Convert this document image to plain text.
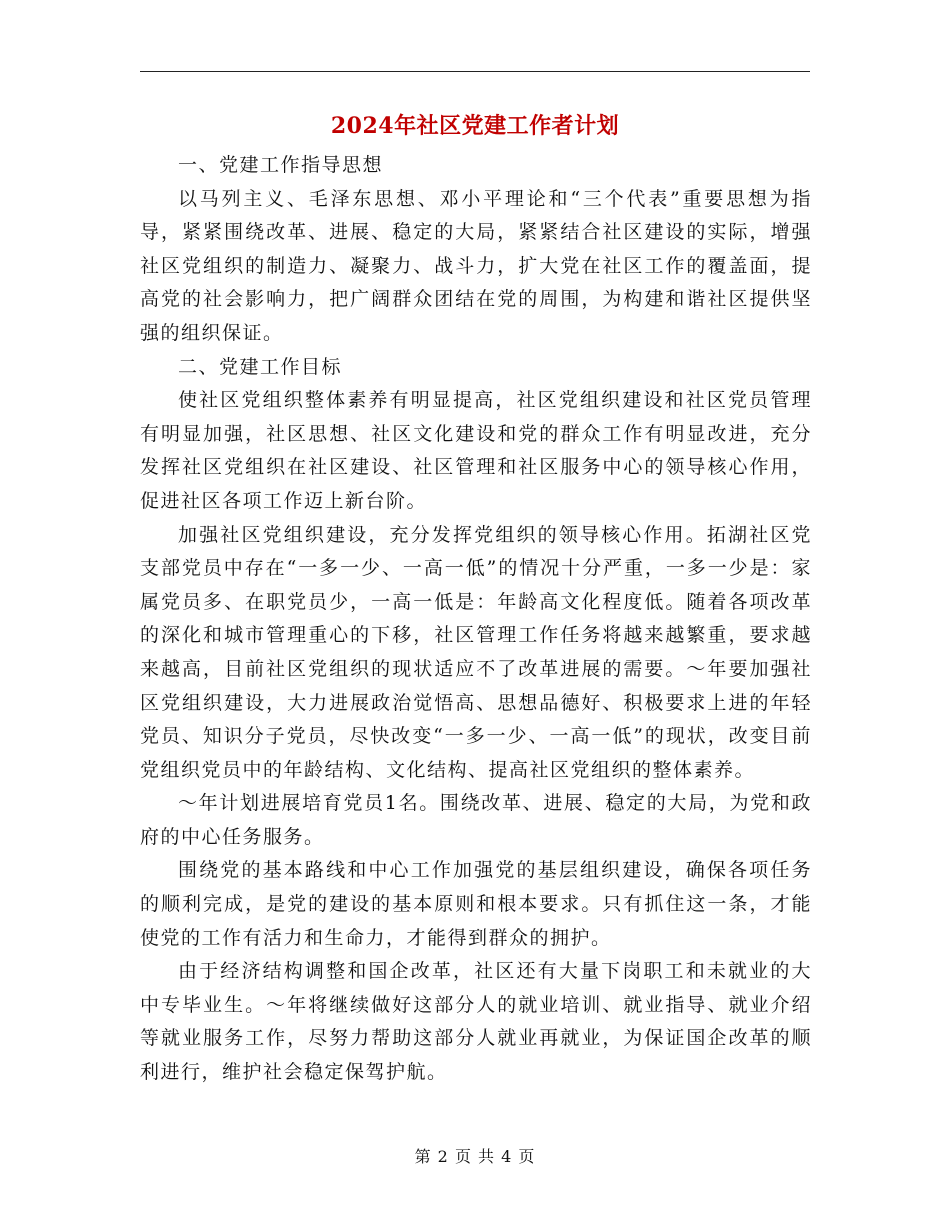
2024年社区党建工作者计划

一、党建工作指导思想

以马列主义、毛泽东思想、邓小平理论和“三个代表”重要思想为指导，紧紧围绕改革、进展、稳定的大局，紧紧结合社区建设的实际，增强社区党组织的制造力、凝聚力、战斗力，扩大党在社区工作的覆盖面，提高党的社会影响力，把广阔群众团结在党的周围，为构建和谐社区提供坚强的组织保证。

二、党建工作目标

使社区党组织整体素养有明显提高，社区党组织建设和社区党员管理有明显加强，社区思想、社区文化建设和党的群众工作有明显改进，充分发挥社区党组织在社区建设、社区管理和社区服务中心的领导核心作用，促进社区各项工作迈上新台阶。

加强社区党组织建设，充分发挥党组织的领导核心作用。拓湖社区党支部党员中存在“一多一少、一高一低”的情况十分严重，一多一少是：家属党员多、在职党员少，一高一低是：年龄高文化程度低。随着各项改革的深化和城市管理重心的下移，社区管理工作任务将越来越繁重，要求越来越高，目前社区党组织的现状适应不了改革进展的需要。～年要加强社区党组织建设，大力进展政治觉悟高、思想品德好、积极要求上进的年轻党员、知识分子党员，尽快改变“一多一少、一高一低”的现状，改变目前党组织党员中的年龄结构、文化结构、提高社区党组织的整体素养。

～年计划进展培育党员1名。围绕改革、进展、稳定的大局，为党和政府的中心任务服务。

围绕党的基本路线和中心工作加强党的基层组织建设，确保各项任务的顺利完成，是党的建设的基本原则和根本要求。只有抓住这一条，才能使党的工作有活力和生命力，才能得到群众的拥护。

由于经济结构调整和国企改革，社区还有大量下岗职工和未就业的大中专毕业生。～年将继续做好这部分人的就业培训、就业指导、就业介绍等就业服务工作，尽努力帮助这部分人就业再就业，为保证国企改革的顺利进行，维护社会稳定保驾护航。

第 2 页 共 4 页
